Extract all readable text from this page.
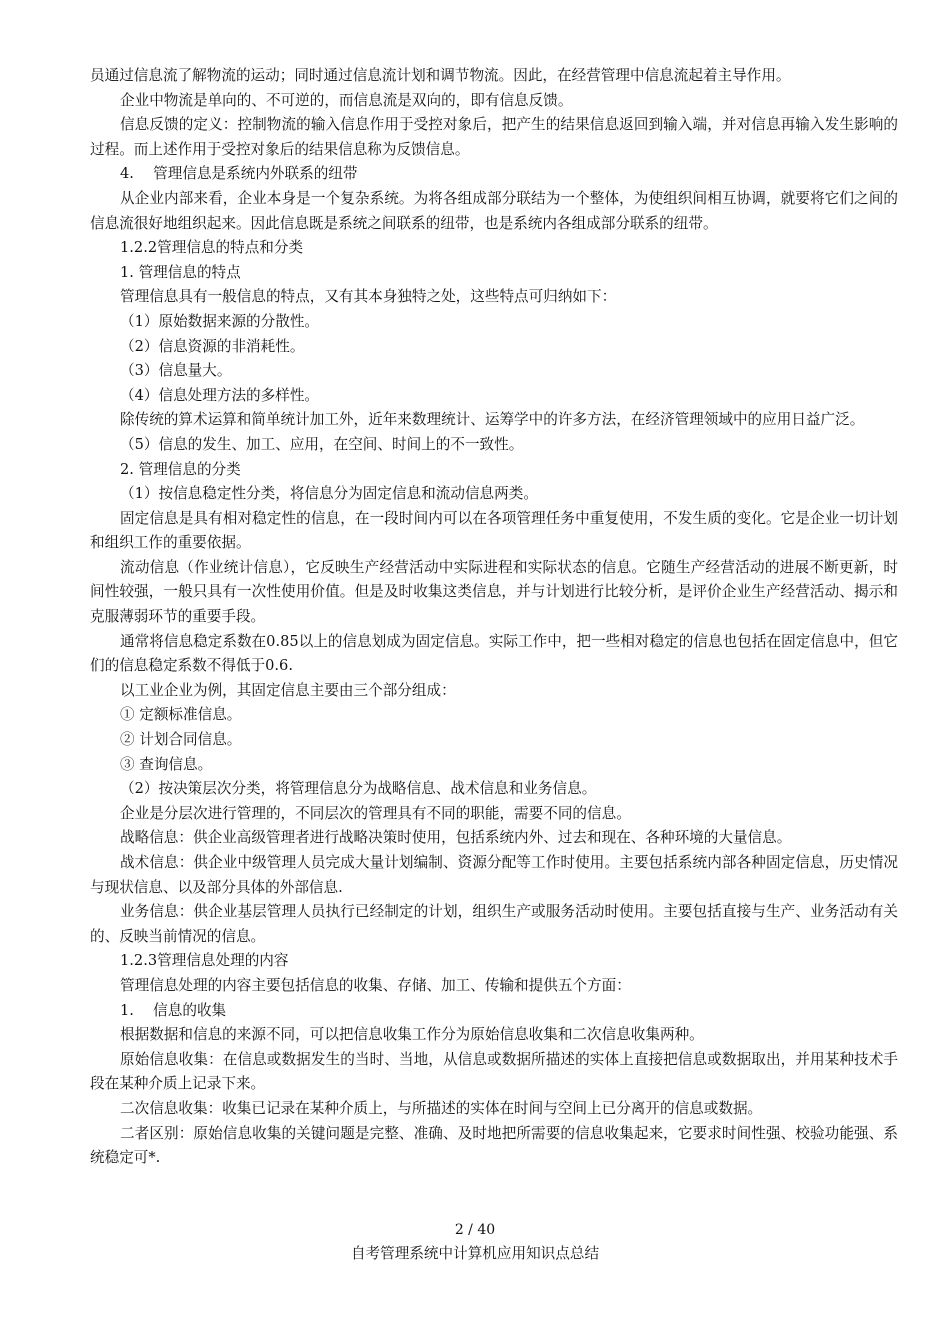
员通过信息流了解物流的运动；同时通过信息流计划和调节物流。因此，在经营管理中信息流起着主导作用。

企业中物流是单向的、不可逆的，而信息流是双向的，即有信息反馈。

信息反馈的定义：控制物流的输入信息作用于受控对象后，把产生的结果信息返回到输入端，并对信息再输入发生影响的过程。而上述作用于受控对象后的结果信息称为反馈信息。

4.　 管理信息是系统内外联系的纽带

从企业内部来看，企业本身是一个复杂系统。为将各组成部分联结为一个整体，为使组织间相互协调，就要将它们之间的信息流很好地组织起来。因此信息既是系统之间联系的纽带，也是系统内各组成部分联系的纽带。

1.2.2管理信息的特点和分类

1. 管理信息的特点

管理信息具有一般信息的特点，又有其本身独特之处，这些特点可归纳如下：

（1）原始数据来源的分散性。

（2）信息资源的非消耗性。

（3）信息量大。

（4）信息处理方法的多样性。

除传统的算术运算和简单统计加工外，近年来数理统计、运筹学中的许多方法，在经济管理领域中的应用日益广泛。

（5）信息的发生、加工、应用，在空间、时间上的不一致性。

2. 管理信息的分类

（1）按信息稳定性分类，将信息分为固定信息和流动信息两类。

固定信息是具有相对稳定性的信息，在一段时间内可以在各项管理任务中重复使用，不发生质的变化。它是企业一切计划和组织工作的重要依据。

流动信息（作业统计信息），它反映生产经营活动中实际进程和实际状态的信息。它随生产经营活动的进展不断更新，时间性较强，一般只具有一次性使用价值。但是及时收集这类信息，并与计划进行比较分析，是评价企业生产经营活动、揭示和克服薄弱环节的重要手段。

通常将信息稳定系数在0.85以上的信息划成为固定信息。实际工作中，把一些相对稳定的信息也包括在固定信息中，但它们的信息稳定系数不得低于0.6.

以工业企业为例，其固定信息主要由三个部分组成：

① 定额标准信息。

② 计划合同信息。

③ 查询信息。

（2）按决策层次分类，将管理信息分为战略信息、战术信息和业务信息。

企业是分层次进行管理的，不同层次的管理具有不同的职能，需要不同的信息。

战略信息：供企业高级管理者进行战略决策时使用，包括系统内外、过去和现在、各种环境的大量信息。

战术信息：供企业中级管理人员完成大量计划编制、资源分配等工作时使用。主要包括系统内部各种固定信息，历史情况与现状信息、以及部分具体的外部信息.

业务信息：供企业基层管理人员执行已经制定的计划，组织生产或服务活动时使用。主要包括直接与生产、业务活动有关的、反映当前情况的信息。

1.2.3管理信息处理的内容

管理信息处理的内容主要包括信息的收集、存储、加工、传输和提供五个方面：

1.　 信息的收集

根据数据和信息的来源不同，可以把信息收集工作分为原始信息收集和二次信息收集两种。

原始信息收集：在信息或数据发生的当时、当地，从信息或数据所描述的实体上直接把信息或数据取出，并用某种技术手段在某种介质上记录下来。

二次信息收集：收集已记录在某种介质上，与所描述的实体在时间与空间上已分离开的信息或数据。

二者区别：原始信息收集的关键问题是完整、准确、及时地把所需要的信息收集起来，它要求时间性强、校验功能强、系统稳定可*.

2 / 40
自考管理系统中计算机应用知识点总结
